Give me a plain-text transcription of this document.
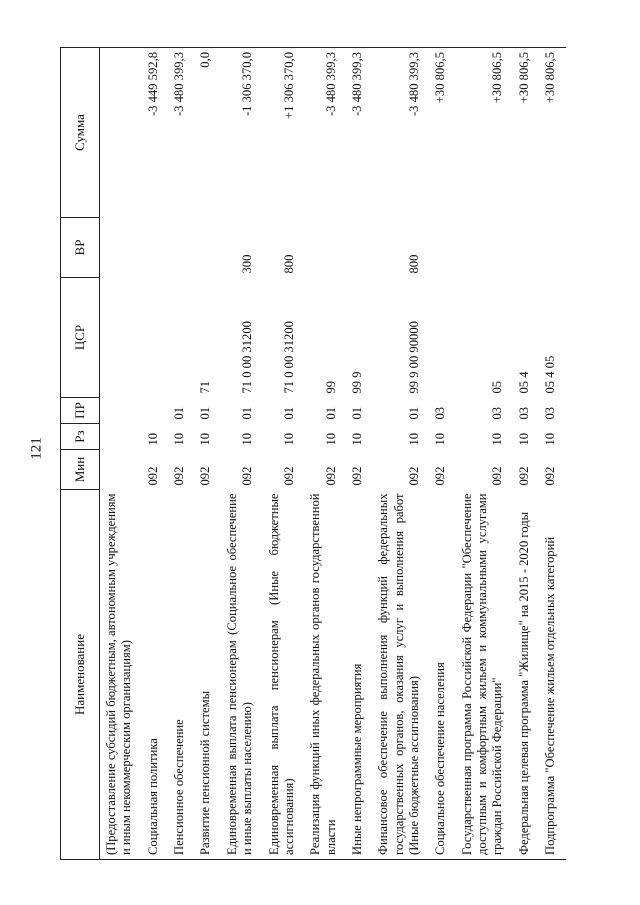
121
Наименование	Мин	Рз	ПР	ЦСР	ВР	Сумма
(Предоставление субсидий бюджетным, автономным учреждениям и иным некоммерческим организациям)						
Социальная политика	092	10				-3 449 592,8
Пенсионное обеспечение	092	10	01			-3 480 399,3
Развитие пенсионной системы	092	10	01	71		0,0
Единовременная выплата пенсионерам (Социальное обеспечение и иные выплаты населению)	092	10	01	71 0 00 31200	300	-1 306 370,0
Единовременная выплата пенсионерам (Иные бюджетные ассигнования)	092	10	01	71 0 00 31200	800	+1 306 370,0
Реализация функций иных федеральных органов государственной власти	092	10	01	99		-3 480 399,3
Иные непрограммные мероприятия	092	10	01	99 9		-3 480 399,3
Финансовое обеспечение выполнения функций федеральных государственных органов, оказания услуг и выполнения работ (Иные бюджетные ассигнования)	092	10	01	99 9 00 90000	800	-3 480 399,3
Социальное обеспечение населения	092	10	03			+30 806,5
Государственная программа Российской Федерации "Обеспечение доступным и комфортным жильем и коммунальными услугами граждан Российской Федерации"	092	10	03	05		+30 806,5
Федеральная целевая программа "Жилище" на 2015 - 2020 годы	092	10	03	05 4		+30 806,5
Подпрограмма "Обеспечение жильем отдельных категорий	092	10	03	05 4 05		+30 806,5
